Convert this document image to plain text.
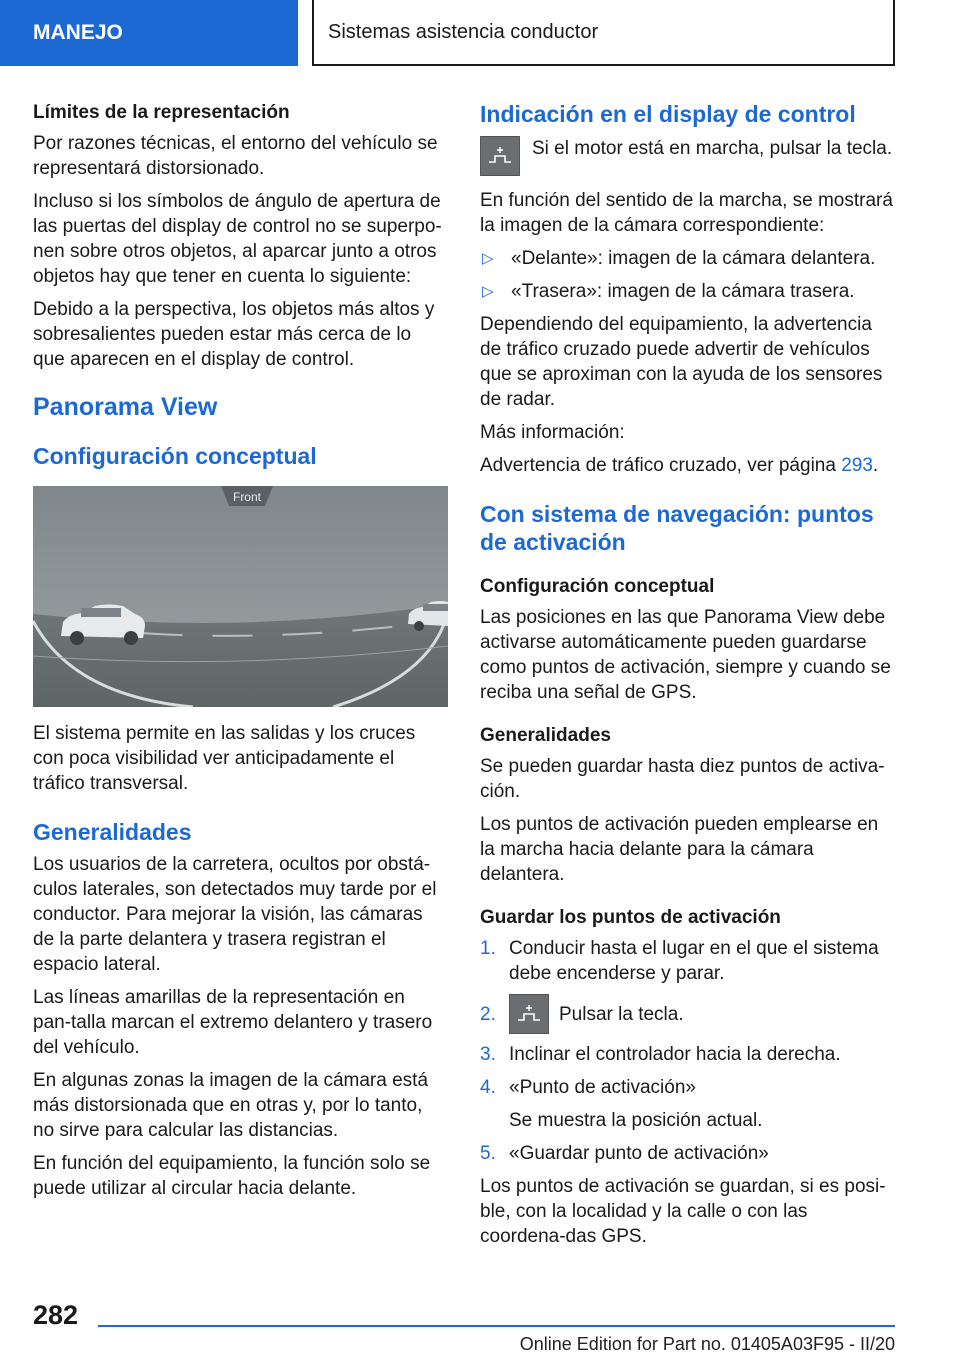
MANEJO	Sistemas asistencia conductor
Límites de la representación

Por razones técnicas, el entorno del vehículo se representará distorsionado.

Incluso si los símbolos de ángulo de apertura de las puertas del display de control no se superpo‐nen sobre otros objetos, al aparcar junto a otros objetos hay que tener en cuenta lo siguiente:

Debido a la perspectiva, los objetos más altos y sobresalientes pueden estar más cerca de lo que aparecen en el display de control.

Panorama View
Configuración conceptual
Front

El sistema permite en las salidas y los cruces con poca visibilidad ver anticipadamente el tráfico transversal.

Generalidades

Los usuarios de la carretera, ocultos por obstá‐culos laterales, son detectados muy tarde por el conductor. Para mejorar la visión, las cámaras de la parte delantera y trasera registran el espacio lateral.

Las líneas amarillas de la representación en pan‐talla marcan el extremo delantero y trasero del vehículo.

En algunas zonas la imagen de la cámara está más distorsionada que en otras y, por lo tanto, no sirve para calcular las distancias.

En función del equipamiento, la función solo se puede utilizar al circular hacia delante.

Indicación en el display de control

Si el motor está en marcha, pulsar la tecla.

En función del sentido de la marcha, se mostrará la imagen de la cámara correspondiente:

▷ «Delante»: imagen de la cámara delantera.
▷ «Trasera»: imagen de la cámara trasera.

Dependiendo del equipamiento, la advertencia de tráfico cruzado puede advertir de vehículos que se aproximan con la ayuda de los sensores de radar.

Más información:

Advertencia de tráfico cruzado, ver página 293.

Con sistema de navegación: puntos de activación
Configuración conceptual

Las posiciones en las que Panorama View debe activarse automáticamente pueden guardarse como puntos de activación, siempre y cuando se reciba una señal de GPS.

Generalidades

Se pueden guardar hasta diez puntos de activa‐ción.

Los puntos de activación pueden emplearse en la marcha hacia delante para la cámara delantera.

Guardar los puntos de activación
1. Conducir hasta el lugar en el que el sistema debe encenderse y parar.
2.	Pulsar la tecla.
3. Inclinar el controlador hacia la derecha.
4. «Punto de activación»

Se muestra la posición actual.

5. «Guardar punto de activación»

Los puntos de activación se guardan, si es posi‐ble, con la localidad y la calle o con las coordena‐das GPS.

282
Online Edition for Part no. 01405A03F95 - II/20
